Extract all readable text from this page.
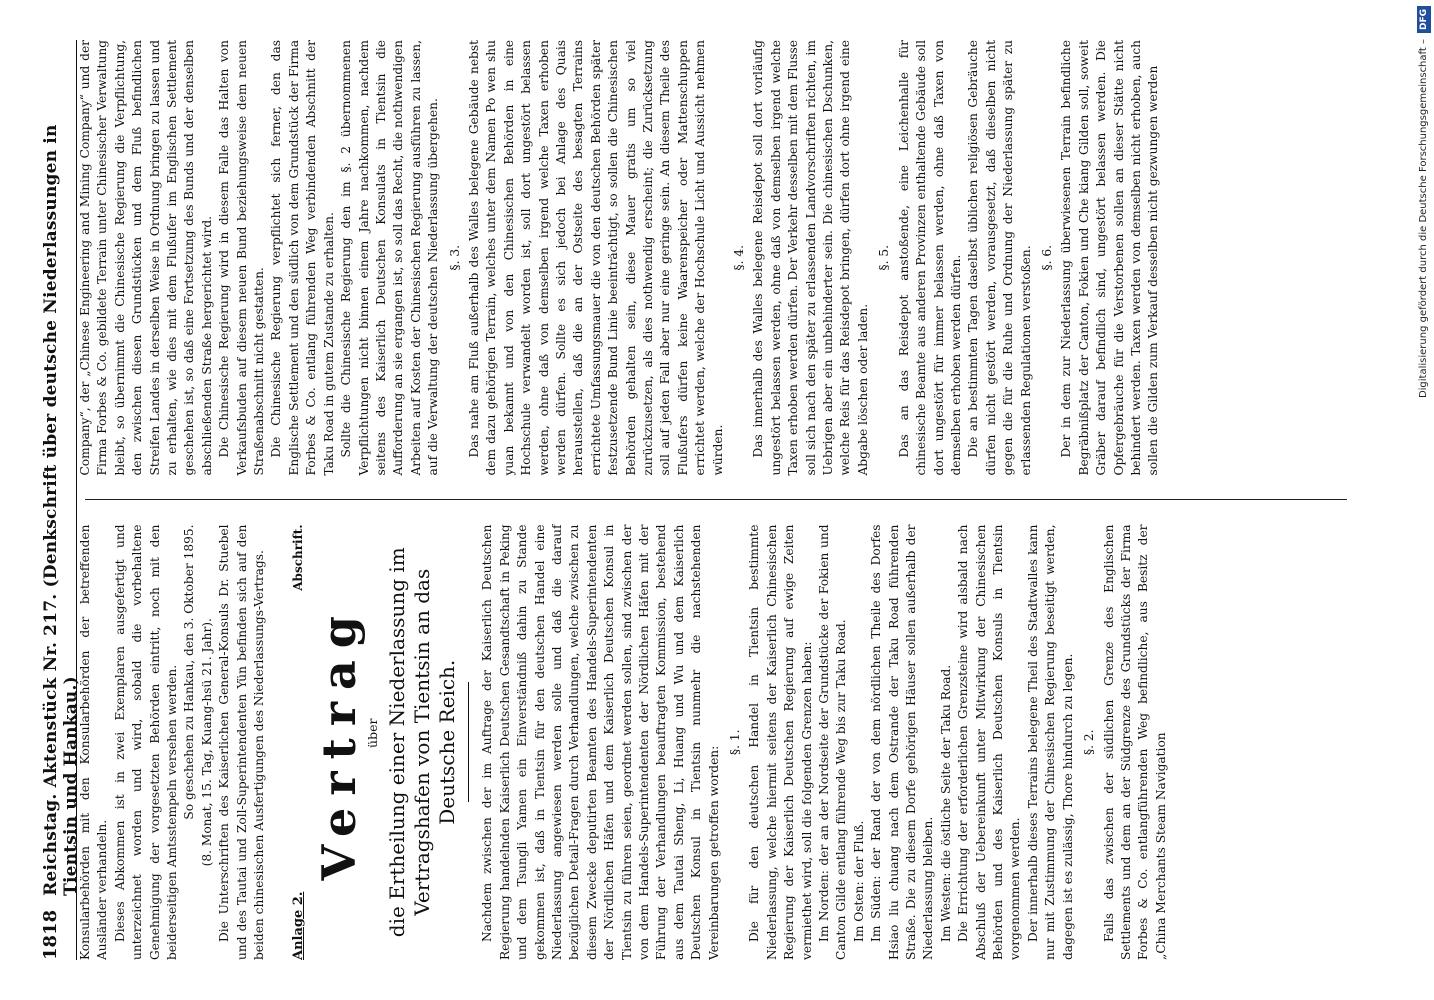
1818
Reichstag. Aktenstück Nr. 217. (Denkschrift über deutsche Niederlassungen in Tientsin und Hankau.)

Konsularbehörden mit den Konsularbehörden der betreffenden Ausländer verhandeln. Dieses Abkommen ist in zwei Exemplaren ausgefertigt und unterzeichnet worden und wird, sobald die vorbehaltene Genehmigung der vorgesetzten Behörden eintritt, noch mit den beiderseitigen Amtsstempeln versehen werden. So geschehen zu Hankau, den 3. Oktober 1895. (8. Monat, 15. Tag, Kuang-hsü 21. Jahr). Die Unterschriften des Kaiserlichen General-Konsuls Dr. Stuebel und des Tautai und Zoll-Superintendenten Yün befinden sich auf den beiden chinesischen Ausfertigungen des Niederlassungs-Vertrags. Anlage 2.
Abschrift.
Vertrag über die Ertheilung einer Niederlassung im Vertragshafen von Tientsin an das Deutsche Reich. Nachdem zwischen der im Auftrage der Kaiserlich Deutschen Regierung handelnden Kaiserlich Deutschen Gesandtschaft in Peking und dem Tsungli Yamen ein Einverständniß dahin zu Stande gekommen ist, daß in Tientsin für den deutschen Handel eine Niederlassung angewiesen werden solle und daß die darauf bezüglichen Detail-Fragen durch Verhandlungen, welche zwischen zu diesem Zwecke deputirten Beamten des Handels-Superintendenten der Nördlichen Häfen und dem Kaiserlich Deutschen Konsul in Tientsin zu führen seien, geordnet werden sollen, sind zwischen der von dem Handels-Superintendenten der Nördlichen Häfen mit der Führung der Verhandlungen beauftragten Kommission, bestehend aus dem Tautai Sheng, Li, Huang und Wu und dem Kaiserlich Deutschen Konsul in Tientsin nunmehr die nachstehenden Vereinbarungen getroffen worden:

§. 1. Die für den deutschen Handel in Tientsin bestimmte Niederlassung, welche hiermit seitens der Kaiserlich Chinesischen Regierung der Kaiserlich Deutschen Regierung auf ewige Zeiten vermiethet wird, soll die folgenden Grenzen haben: Im Norden: der an der Nordseite der Grundstücke der Fokien und Canton Gilde entlang führende Weg bis zur Taku Road. Im Osten: der Fluß. Im Süden: der Rand der von dem nördlichen Theile des Dorfes Hsiao liu chuang nach dem Ostrande der Taku Road führenden Straße. Die zu diesem Dorfe gehörigen Häuser sollen außerhalb der Niederlassung bleiben. Im Westen: die östliche Seite der Taku Road. Die Errichtung der erforderlichen Grenzsteine wird alsbald nach Abschluß der Uebereinkunft unter Mitwirkung der Chinesischen Behörden und des Kaiserlich Deutschen Konsuls in Tientsin vorgenommen werden. Der innerhalb dieses Terrains belegene Theil des Stadtwalles kann nur mit Zustimmung der Chinesischen Regierung beseitigt werden, dagegen ist es zulässig, Thore hindurch zu legen. §. 2. Falls das zwischen der südlichen Grenze des Englischen Settlements und dem an der Südgrenze des Grundstücks der Firma Forbes & Co. entlangführenden Weg befindliche, aus Besitz der „China Merchants Steam Navigation

Company“, der „Chinese Engineering and Mining Company“ und der Firma Forbes & Co. gebildete Terrain unter Chinesischer Verwaltung bleibt, so übernimmt die Chinesische Regierung die Verpflichtung, den zwischen diesen Grundstücken und dem Fluß befindlichen Streifen Landes in derselben Weise in Ordnung bringen zu lassen und zu erhalten, wie dies mit dem Flußufer im Englischen Settlement geschehen ist, so daß eine Fortsetzung des Bunds und der denselben abschließenden Straße hergerichtet wird. Die Chinesische Regierung wird in diesem Falle das Halten von Verkaufsbuden auf diesem neuen Bund beziehungsweise dem neuen Straßenabschnitt nicht gestatten. Die Chinesische Regierung verpflichtet sich ferner, den das Englische Settlement und den südlich von dem Grundstück der Firma Forbes & Co. entlang führenden Weg verbindenden Abschnitt der Taku Road in gutem Zustande zu erhalten. Sollte die Chinesische Regierung den im §. 2 übernommenen Verpflichtungen nicht binnen einem Jahre nachkommen, nachdem seitens des Kaiserlich Deutschen Konsulats in Tientsin die Aufforderung an sie ergangen ist, so soll das Recht, die nothwendigen Arbeiten auf Kosten der Chinesischen Regierung ausführen zu lassen, auf die Verwaltung der deutschen Niederlassung übergehen. §. 3. Das nahe am Fluß außerhalb des Walles belegene Gebäude nebst dem dazu gehörigen Terrain, welches unter dem Namen Po wen shu yuan bekannt und von den Chinesischen Behörden in eine Hochschule verwandelt worden ist, soll dort ungestört belassen werden, ohne daß von demselben irgend welche Taxen erhoben werden dürfen. Sollte es sich jedoch bei Anlage des Quais herausstellen, daß die an der Ostseite des besagten Terrains errichtete Umfassungsmauer die von den deutschen Behörden später festzusetzende Bund Linie beeinträchtigt, so sollen die Chinesischen Behörden gehalten sein, diese Mauer gratis um so viel zurückzusetzen, als dies nothwendig erscheint; die Zurücksetzung soll auf jeden Fall aber nur eine geringe sein. An diesem Theile des Flußufers dürfen keine Waarenspeicher oder Mattenschuppen errichtet werden, welche der Hochschule Licht und Aussicht nehmen würden.

§. 4. Das innerhalb des Walles belegene Reisdepot soll dort vorläufig ungestört belassen werden, ohne daß von demselben irgend welche Taxen erhoben werden dürfen. Der Verkehr desselben mit dem Flusse soll sich nach den später zu erlassenden Landvorschriften richten, im Uebrigen aber ein unbehinderter sein. Die chinesischen Dschunken, welche Reis für das Reisdepot bringen, dürfen dort ohne irgend eine Abgabe löschen oder laden.

§. 5. Das an das Reisdepot anstoßende, eine Leichenhalle für chinesische Beamte aus anderen Provinzen enthaltende Gebäude soll dort ungestört für immer belassen werden, ohne daß Taxen von demselben erhoben werden dürfen. Die an bestimmten Tagen daselbst üblichen religiösen Gebräuche dürfen nicht gestört werden, vorausgesetzt, daß dieselben nicht gegen die für die Ruhe und Ordnung der Niederlassung später zu erlassenden Regulationen verstoßen. §. 6. Der in dem zur Niederlassung überwiesenen Terrain befindliche Begräbnißplatz der Canton, Fokien und Che kiang Gilden soll, soweit Gräber darauf befindlich sind, ungestört belassen werden. Die Opfergebräuche für die Verstorbenen sollen an dieser Stätte nicht behindert werden. Taxen werden von demselben nicht erhoben, auch sollen die Gilden zum Verkauf desselben nicht gezwungen werden	Digitalisierung gefördert durch die Deutsche Forschungsgemeinschaft –
DFG
